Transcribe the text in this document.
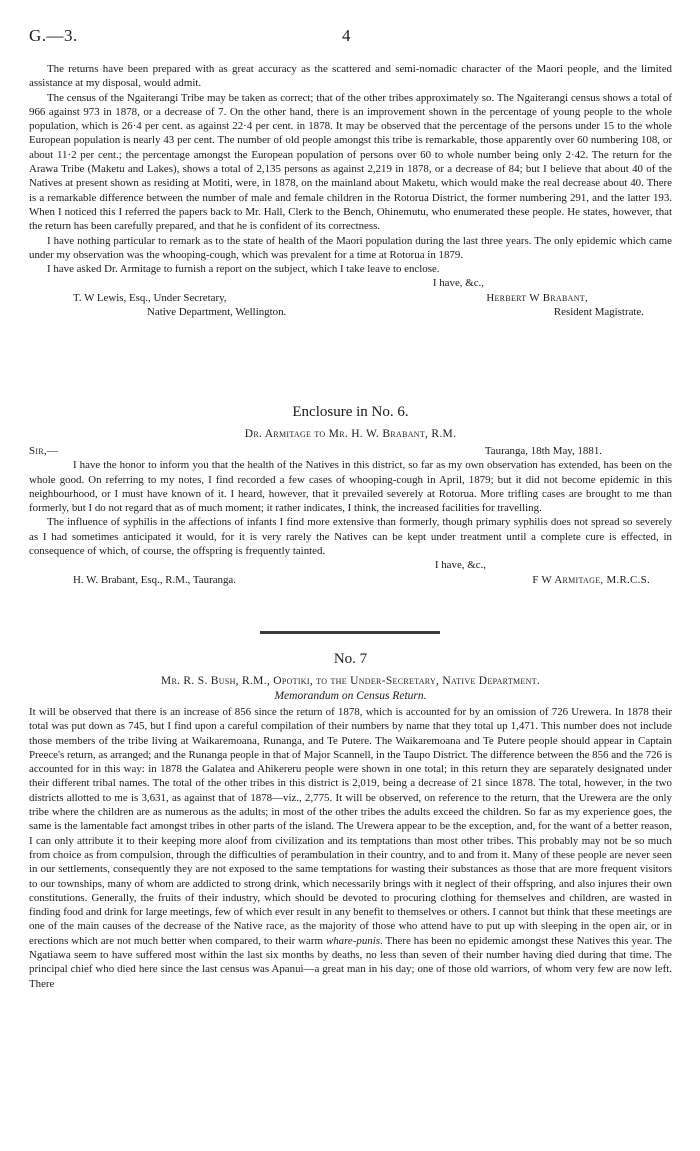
G.—3.	4

The returns have been prepared with as great accuracy as the scattered and semi-nomadic character of the Maori people, and the limited assistance at my disposal, would admit.

The census of the Ngaiterangi Tribe may be taken as correct; that of the other tribes approximately so. The Ngaiterangi census shows a total of 966 against 973 in 1878, or a decrease of 7. On the other hand, there is an improvement shown in the percentage of young people to the whole population, which is 26·4 per cent. as against 22·4 per cent. in 1878. It may be observed that the percentage of the persons under 15 to the whole European population is nearly 43 per cent. The number of old people amongst this tribe is remarkable, those apparently over 60 numbering 108, or about 11·2 per cent.; the percentage amongst the European population of persons over 60 to whole number being only 2·42. The return for the Arawa Tribe (Maketu and Lakes), shows a total of 2,135 persons as against 2,219 in 1878, or a decrease of 84; but I believe that about 40 of the Natives at present shown as residing at Motiti, were, in 1878, on the mainland about Maketu, which would make the real decrease about 40. There is a remarkable difference between the number of male and female children in the Rotorua District, the former numbering 291, and the latter 193. When I noticed this I referred the papers back to Mr. Hall, Clerk to the Bench, Ohinemutu, who enumerated these people. He states, however, that the return has been carefully prepared, and that he is confident of its correctness.

I have nothing particular to remark as to the state of health of the Maori population during the last three years. The only epidemic which came under my observation was the whooping-cough, which was prevalent for a time at Rotorua in 1879.

I have asked Dr. Armitage to furnish a report on the subject, which I take leave to enclose.

I have, &c.,
T. W Lewis, Esq., Under Secretary,	Herbert W Brabant,
Native Department, Wellington.	Resident Magistrate.
Enclosure in No. 6.
Dr. Armitage to Mr. H. W. Brabant, R.M.
Sir,—	Tauranga, 18th May, 1881.

I have the honor to inform you that the health of the Natives in this district, so far as my own observation has extended, has been on the whole good. On referring to my notes, I find recorded a few cases of whooping-cough in April, 1879; but it did not become epidemic in this neighbourhood, or I must have known of it. I heard, however, that it prevailed severely at Rotorua. More trifling cases are brought to me than formerly, but I do not regard that as of much moment; it rather indicates, I think, the increased facilities for travelling.

The influence of syphilis in the affections of infants I find more extensive than formerly, though primary syphilis does not spread so severely as I had sometimes anticipated it would, for it is very rarely the Natives can be kept under treatment until a complete cure is effected, in consequence of which, of course, the offspring is frequently tainted.

I have, &c.,
H. W. Brabant, Esq., R.M., Tauranga.	F W Armitage, M.R.C.S.
No. 7
Mr. R. S. Bush, R.M., Opotiki, to the Under-Secretary, Native Department.
Memorandum on Census Return.

It will be observed that there is an increase of 856 since the return of 1878, which is accounted for by an omission of 726 Urewera. In 1878 their total was put down as 745, but I find upon a careful compilation of their numbers by name that they total up 1,471. This number does not include those members of the tribe living at Waikaremoana, Runanga, and Te Putere. The Waikaremoana and Te Putere people should appear in Captain Preece's return, as arranged; and the Runanga people in that of Major Scannell, in the Taupo District. The difference between the 856 and the 726 is accounted for in this way: in 1878 the Galatea and Ahikereru people were shown in one total; in this return they are separately designated under their different tribal names. The total of the other tribes in this district is 2,019, being a decrease of 21 since 1878. The total, however, in the two districts allotted to me is 3,631, as against that of 1878—viz., 2,775. It will be observed, on reference to the return, that the Urewera are the only tribe where the children are as numerous as the adults; in most of the other tribes the adults exceed the children. So far as my experience goes, the same is the lamentable fact amongst tribes in other parts of the island. The Urewera appear to be the exception, and, for the want of a better reason, I can only attribute it to their keeping more aloof from civilization and its temptations than most other tribes. This probably may not be so much from choice as from compulsion, through the difficulties of perambulation in their country, and to and from it. Many of these people are never seen in our settlements, consequently they are not exposed to the same temptations for wasting their substances as those that are more frequent visitors to our townships, many of whom are addicted to strong drink, which necessarily brings with it neglect of their offspring, and also injures their own constitutions. Generally, the fruits of their industry, which should be devoted to procuring clothing for themselves and children, are wasted in finding food and drink for large meetings, few of which ever result in any benefit to themselves or others. I cannot but think that these meetings are one of the main causes of the decrease of the Native race, as the majority of those who attend have to put up with sleeping in the open air, or in erections which are not much better when compared, to their warm whare-punis. There has been no epidemic amongst these Natives this year. The Ngatiawa seem to have suffered most within the last six months by deaths, no less than seven of their number having died during that time. The principal chief who died here since the last census was Apanui—a great man in his day; one of those old warriors, of whom very few are now left. There
